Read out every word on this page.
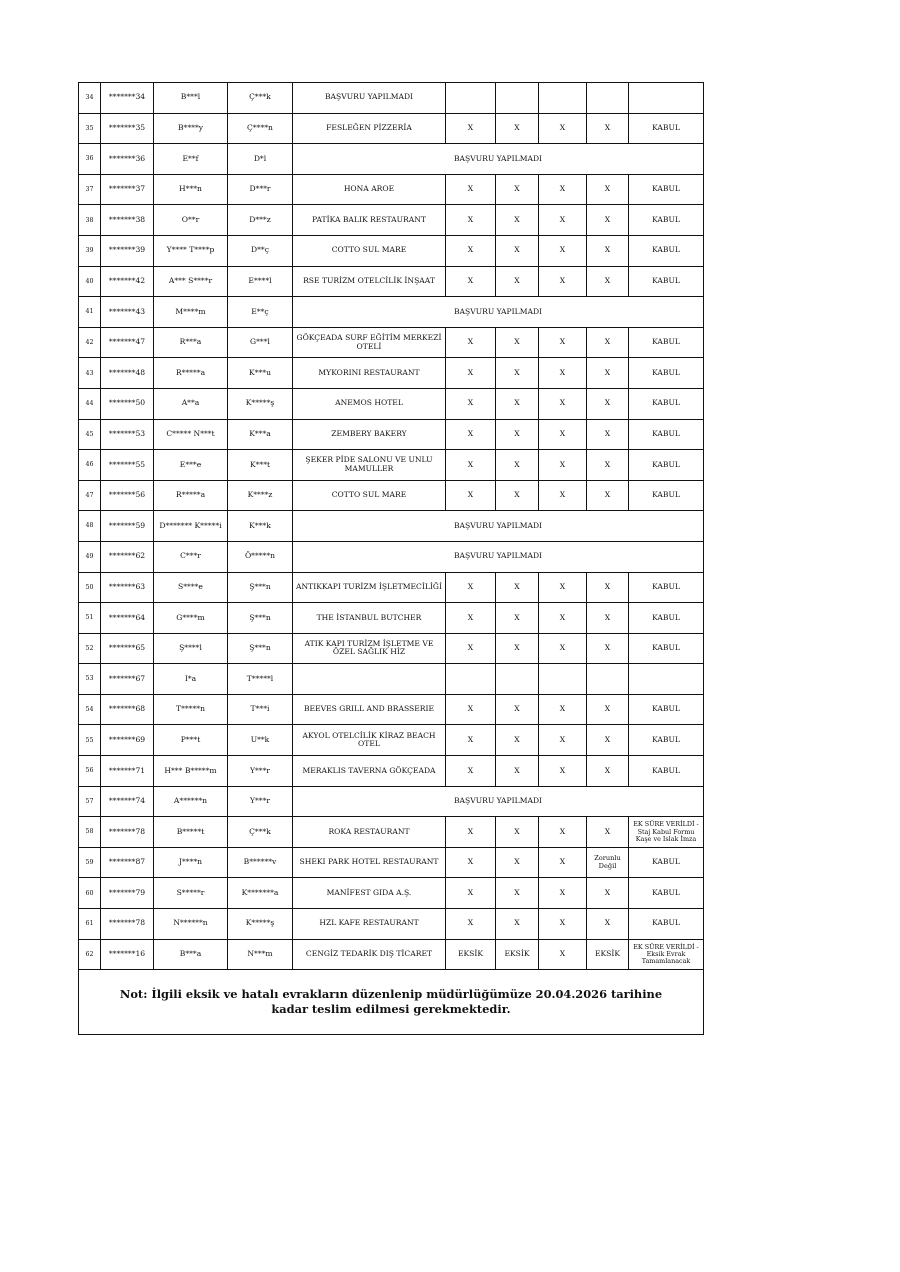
34	*******34	B***l	Ç***k	BAŞVURU YAPILMADI					
35	*******35	B****y	Ç****n	FESLEĞEN PİZZERİA	X	X	X	X	KABUL
36	*******36	E**f	D*l	BAŞVURU YAPILMADI					
37	*******37	H***n	D***r	HONA AROE	X	X	X	X	KABUL
38	*******38	O**r	D***z	PATİKA BALIK RESTAURANT	X	X	X	X	KABUL
39	*******39	Y**** T****p	D**ç	COTTO SUL MARE	X	X	X	X	KABUL
40	*******42	A*** S****r	E****l	RSE TURİZM OTELCİLİK İNŞAAT	X	X	X	X	KABUL
41	*******43	M****m	E**ç	BAŞVURU YAPILMADI					
42	*******47	R***a	G***l	GÖKÇEADA SURF EĞİTİM MERKEZİ OTELİ	X	X	X	X	KABUL
43	*******48	R*****a	K***u	MYKORINI RESTAURANT	X	X	X	X	KABUL
44	*******50	A**a	K*****ş	ANEMOS HOTEL	X	X	X	X	KABUL
45	*******53	C***** N***t	K***a	ZEMBERY BAKERY	X	X	X	X	KABUL
46	*******55	E***e	K***t	ŞEKER PİDE SALONU VE UNLU MAMULLER	X	X	X	X	KABUL
47	*******56	R*****a	K****z	COTTO SUL MARE	X	X	X	X	KABUL
48	*******59	D******* K*****i	K***k	BAŞVURU YAPILMADI					
49	*******62	C***r	Ö*****n	BAŞVURU YAPILMADI					
50	*******63	S****e	Ş***n	ANTIKKAPI TURİZM İŞLETMECİLİĞİ	X	X	X	X	KABUL
51	*******64	G****m	Ş***n	THE İSTANBUL BUTCHER	X	X	X	X	KABUL
52	*******65	Ş****l	Ş***n	ATIK KAPI TURİZM İŞLETME VE ÖZEL SAĞLIK HİZ	X	X	X	X	KABUL
53	*******67	I*a	T*****l						
54	*******68	T*****n	T***i	BEEVES GRILL AND BRASSERIE	X	X	X	X	KABUL
55	*******69	P***t	U**k	AKYOL OTELCİLİK KİRAZ BEACH OTEL	X	X	X	X	KABUL
56	*******71	H*** B*****m	Y***r	MERAKLIS TAVERNA GÖKÇEADA	X	X	X	X	KABUL
57	*******74	A******n	Y***r	BAŞVURU YAPILMADI					
58	*******78	B*****t	Ç***k	ROKA RESTAURANT	X	X	X	X	EK SÜRE VERİLDİ - Staj Kabul Formu Kaşe ve Islak İmza
59	*******87	J****n	B******v	SHEKI PARK HOTEL RESTAURANT	X	X	X	Zorunlu Değil	KABUL
60	*******79	S*****r	K*******a	MANİFEST GIDA A.Ş.	X	X	X	X	KABUL
61	*******78	N******n	K*****ş	HZL KAFE RESTAURANT	X	X	X	X	KABUL
62	*******16	B***a	N***m	CENGİZ TEDARİK DIŞ TİCARET	EKSİK	EKSİK	X	EKSİK	EK SÜRE VERİLDİ - Eksik Evrak Tamamlanacak
Not: İlgili eksik ve hatalı evrakların düzenlenip müdürlüğümüze 20.04.2026 tarihine kadar teslim edilmesi gerekmektedir.									
